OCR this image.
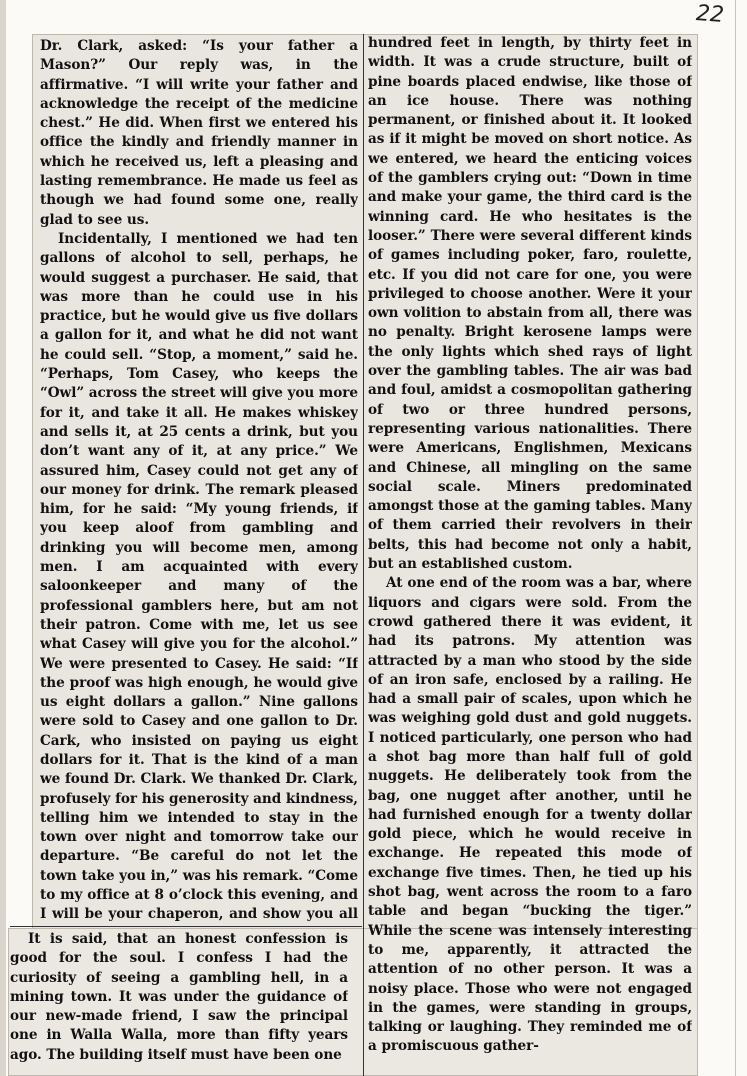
22

Dr. Clark, asked: “Is your father a Mason?” Our reply was, in the affirmative. “I will write your father and acknowledge the receipt of the medicine chest.” He did. When first we entered his office the kindly and friendly manner in which he received us, left a pleasing and lasting remembrance. He made us feel as though we had found some one, really glad to see us.

Incidentally, I mentioned we had ten gallons of alcohol to sell, perhaps, he would suggest a purchaser. He said, that was more than he could use in his practice, but he would give us five dollars a gallon for it, and what he did not want he could sell. “Stop, a moment,” said he. “Perhaps, Tom Casey, who keeps the “Owl” across the street will give you more for it, and take it all. He makes whiskey and sells it, at 25 cents a drink, but you don’t want any of it, at any price.” We assured him, Casey could not get any of our money for drink. The remark pleased him, for he said: “My young friends, if you keep aloof from gambling and drinking you will become men, among men. I am acquainted with every saloonkeeper and many of the professional gamblers here, but am not their patron. Come with me, let us see what Casey will give you for the alcohol.” We were presented to Casey. He said: “If the proof was high enough, he would give us eight dollars a gallon.” Nine gallons were sold to Casey and one gallon to Dr. Cark, who insisted on paying us eight dollars for it. That is the kind of a man we found Dr. Clark. We thanked Dr. Clark, profusely for his generosity and kindness, telling him we intended to stay in the town over night and tomorrow take our departure. “Be careful do not let the town take you in,” was his remark. “Come to my office at 8 o’clock this evening, and I will be your chaperon, and show you all

It is said, that an honest confession is good for the soul. I confess I had the curiosity of seeing a gambling hell, in a mining town. It was under the guidance of our new-made friend, I saw the principal one in Walla Walla, more than fifty years ago. The building itself must have been one

hundred feet in length, by thirty feet in width. It was a crude structure, built of pine boards placed endwise, like those of an ice house. There was nothing permanent, or finished about it. It looked as if it might be moved on short notice. As we entered, we heard the enticing voices of the gamblers crying out: “Down in time and make your game, the third card is the winning card. He who hesitates is the looser.” There were several different kinds of games including poker, faro, roulette, etc. If you did not care for one, you were privileged to choose another. Were it your own volition to abstain from all, there was no penalty. Bright kerosene lamps were the only lights which shed rays of light over the gambling tables. The air was bad and foul, amidst a cosmopolitan gathering of two or three hundred persons, representing various nationalities. There were Americans, Englishmen, Mexicans and Chinese, all mingling on the same social scale. Miners predominated amongst those at the gaming tables. Many of them carried their revolvers in their belts, this had become not only a habit, but an established custom.

At one end of the room was a bar, where liquors and cigars were sold. From the crowd gathered there it was evident, it had its patrons. My attention was attracted by a man who stood by the side of an iron safe, enclosed by a railing. He had a small pair of scales, upon which he was weighing gold dust and gold nuggets. I noticed particularly, one person who had a shot bag more than half full of gold nuggets. He deliberately took from the bag, one nugget after another, until he had furnished enough for a twenty dollar gold piece, which he would receive in exchange. He repeated this mode of exchange five times. Then, he tied up his shot bag, went across the room to a faro table and began “bucking the tiger.” While the scene was intensely interesting to me, apparently, it attracted the attention of no other person. It was a noisy place. Those who were not engaged in the games, were standing in groups, talking or laughing. They reminded me of a promiscuous gather-
